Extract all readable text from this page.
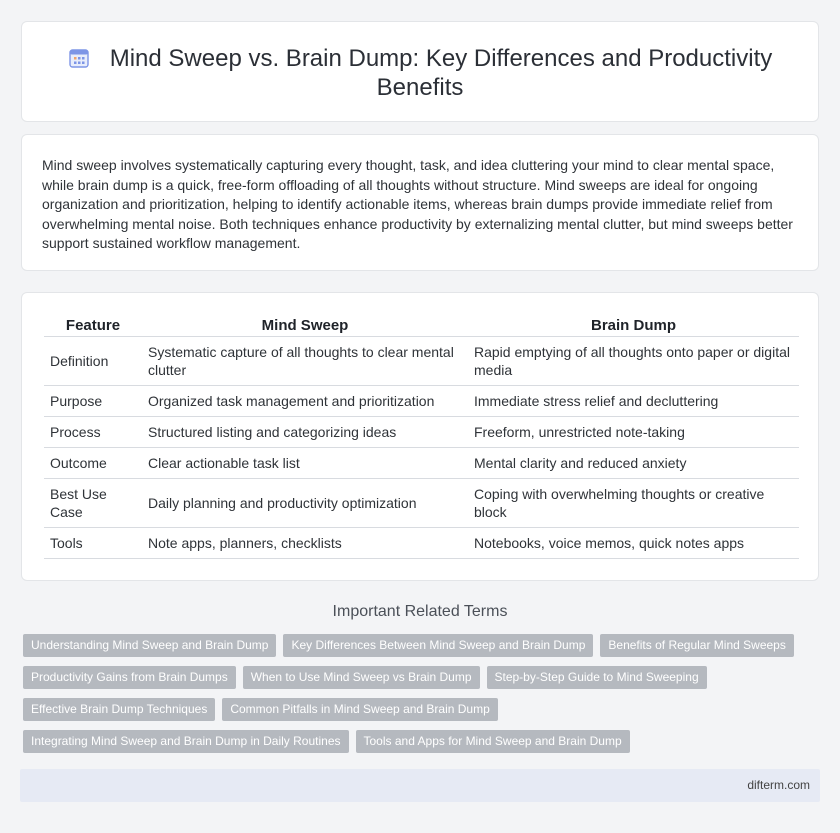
Mind Sweep vs. Brain Dump: Key Differences and Productivity Benefits

Mind sweep involves systematically capturing every thought, task, and idea cluttering your mind to clear mental space, while brain dump is a quick, free-form offloading of all thoughts without structure. Mind sweeps are ideal for ongoing organization and prioritization, helping to identify actionable items, whereas brain dumps provide immediate relief from overwhelming mental noise. Both techniques enhance productivity by externalizing mental clutter, but mind sweeps better support sustained workflow management.

Feature	Mind Sweep	Brain Dump
Definition	Systematic capture of all thoughts to clear mental clutter	Rapid emptying of all thoughts onto paper or digital media
Purpose	Organized task management and prioritization	Immediate stress relief and decluttering
Process	Structured listing and categorizing ideas	Freeform, unrestricted note-taking
Outcome	Clear actionable task list	Mental clarity and reduced anxiety
Best Use Case	Daily planning and productivity optimization	Coping with overwhelming thoughts or creative block
Tools	Note apps, planners, checklists	Notebooks, voice memos, quick notes apps
Important Related Terms
Understanding Mind Sweep and Brain Dump	Key Differences Between Mind Sweep and Brain Dump	Benefits of Regular Mind Sweeps
Productivity Gains from Brain Dumps	When to Use Mind Sweep vs Brain Dump	Step-by-Step Guide to Mind Sweeping
Effective Brain Dump Techniques	Common Pitfalls in Mind Sweep and Brain Dump
Integrating Mind Sweep and Brain Dump in Daily Routines	Tools and Apps for Mind Sweep and Brain Dump
difterm.com
